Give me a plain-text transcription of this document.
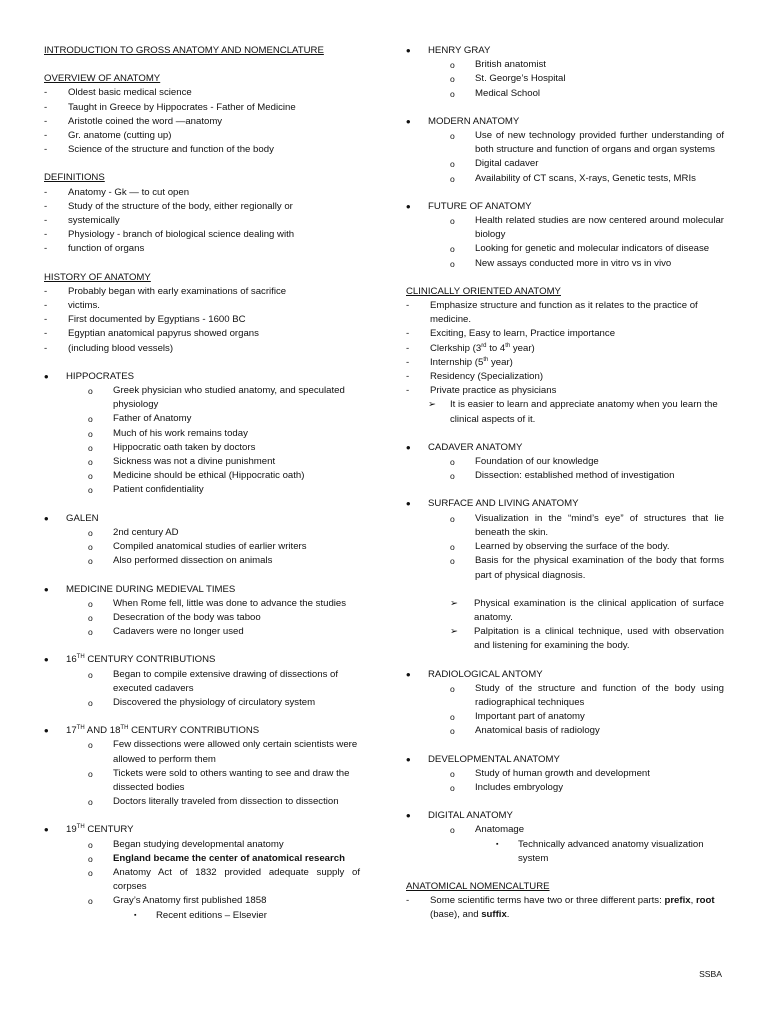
INTRODUCTION TO GROSS ANATOMY AND NOMENCLATURE
OVERVIEW OF ANATOMY
-	Oldest basic medical science
-	Taught in Greece by Hippocrates - Father of Medicine
-	Aristotle coined the word —anatomy
-	Gr. anatome (cutting up)
-	Science of the structure and function of the body
DEFINITIONS
-	Anatomy - Gk — to cut open
-	Study of the structure of the body, either regionally or
-	systemically
-	Physiology - branch of biological science dealing with
-	function of organs
HISTORY OF ANATOMY
-	Probably began with early examinations of sacrifice
-	victims.
-	First documented by Egyptians - 1600 BC
-	Egyptian anatomical papyrus showed organs
-	(including blood vessels)
•	HIPPOCRATES
o	Greek physician who studied anatomy, and speculated physiology
o	Father of Anatomy
o	Much of his work remains today
o	Hippocratic oath taken by doctors
o	Sickness was not a divine punishment
o	Medicine should be ethical (Hippocratic oath)
o	Patient confidentiality
•	GALEN
o	2nd century AD
o	Compiled anatomical studies of earlier writers
o	Also performed dissection on animals
•	MEDICINE DURING MEDIEVAL TIMES
o	When Rome fell, little was done to advance the studies
o	Desecration of the body was taboo
o	Cadavers were no longer used
•	16TH CENTURY CONTRIBUTIONS
o	Began to compile extensive drawing of dissections of executed cadavers
o	Discovered the physiology of circulatory system
•	17TH AND 18TH CENTURY CONTRIBUTIONS
o	Few dissections were allowed only certain scientists were allowed to perform them
o	Tickets were sold to others wanting to see and draw the dissected bodies
o	Doctors literally traveled from dissection to dissection
•	19TH CENTURY
o	Began studying developmental anatomy
o	England became the center of anatomical research
o	Anatomy Act of 1832 provided adequate supply of corpses
o	Gray’s Anatomy first published 1858
▪	Recent editions – Elsevier
•	HENRY GRAY
o	British anatomist
o	St. George’s Hospital
o	Medical School
•	MODERN ANATOMY
o	Use of new technology provided further understanding of both structure and function of organs and organ systems
o	Digital cadaver
o	Availability of CT scans, X-rays, Genetic tests, MRIs
•	FUTURE OF ANATOMY
o	Health related studies are now centered around molecular biology
o	Looking for genetic and molecular indicators of disease
o	New assays conducted more in vitro vs in vivo
CLINICALLY ORIENTED ANATOMY
-	Emphasize structure and function as it relates to the practice of medicine.
-	Exciting, Easy to learn, Practice importance
-	Clerkship (3rd to 4th year)
-	Internship (5th year)
-	Residency (Specialization)
-	Private practice as physicians
➢	It is easier to learn and appreciate anatomy when you learn the clinical aspects of it.
•	CADAVER ANATOMY
o	Foundation of our knowledge
o	Dissection: established method of investigation
•	SURFACE AND LIVING ANATOMY
o	Visualization in the “mind’s eye” of structures that lie beneath the skin.
o	Learned by observing the surface of the body.
o	Basis for the physical examination of the body that forms part of physical diagnosis.
➢	Physical examination is the clinical application of surface anatomy.
➢	Palpitation is a clinical technique, used with observation and listening for examining the body.
•	RADIOLOGICAL ANTOMY
o	Study of the structure and function of the body using radiographical techniques
o	Important part of anatomy
o	Anatomical basis of radiology
•	DEVELOPMENTAL ANATOMY
o	Study of human growth and development
o	Includes embryology
•	DIGITAL ANATOMY
o	Anatomage
▪	Technically advanced anatomy visualization system
ANATOMICAL NOMENCALTURE
-	Some scientific terms have two or three different parts: prefix, root (base), and suffix.
SSBA
